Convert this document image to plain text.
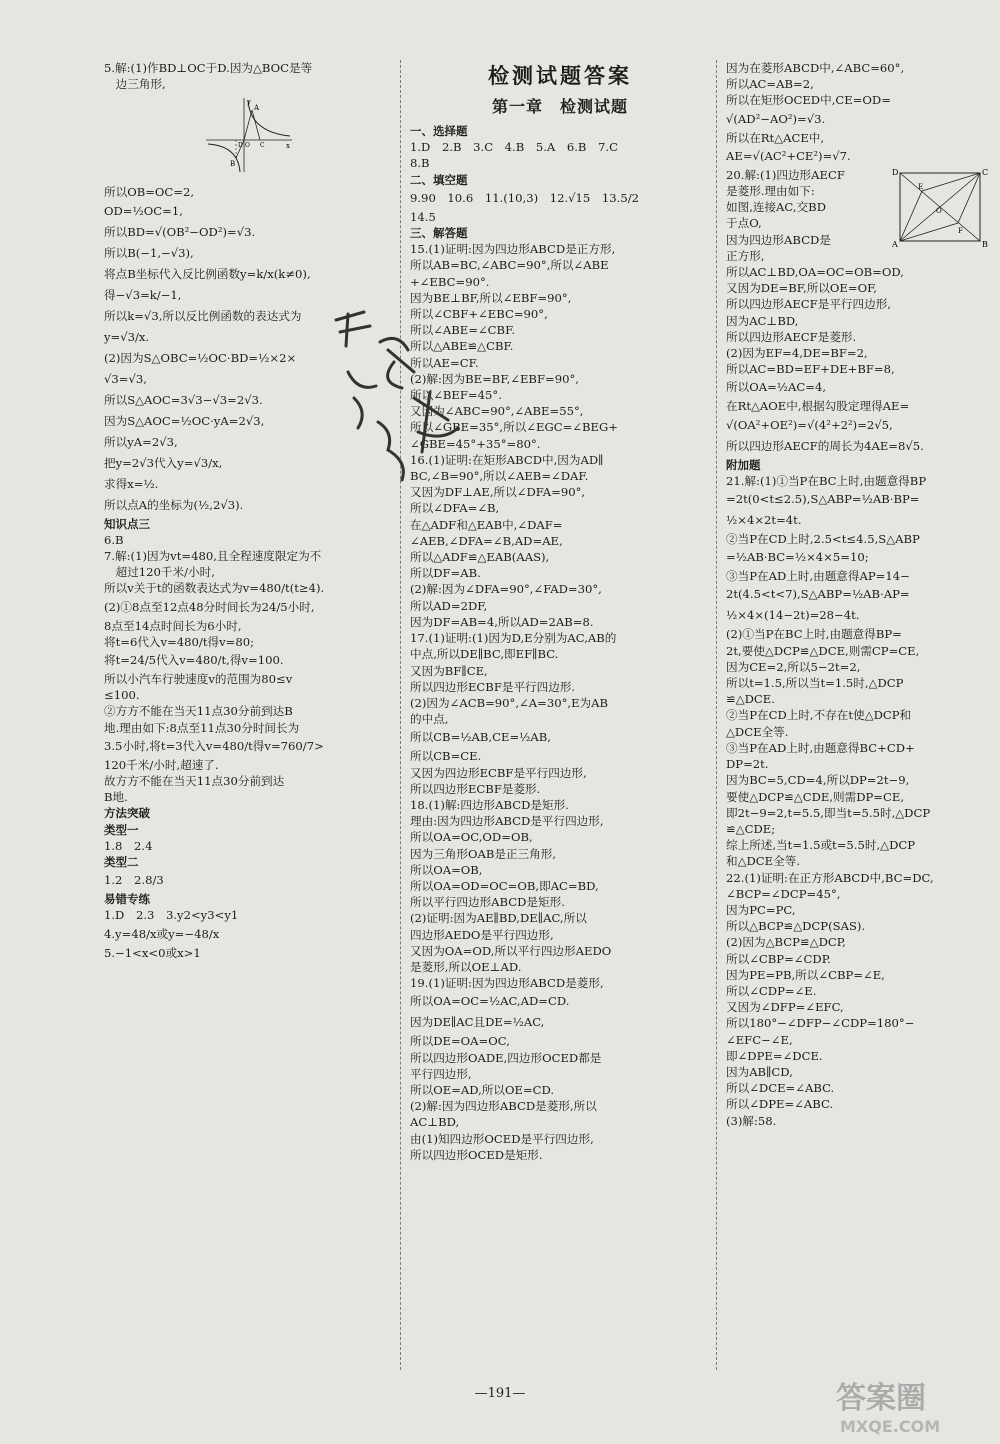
5.解:(1)作BD⊥OC于D.因为△BOC是等
　边三角形,
y
x
A
B
D O C
所以OB=OC=2,
OD=½OC=1,
所以BD=√(OB²−OD²)=√3.
所以B(−1,−√3),
将点B坐标代入反比例函数y=k/x(k≠0),
得−√3=k/−1,
所以k=√3,所以反比例函数的表达式为
y=√3/x.
(2)因为S△OBC=½OC·BD=½×2×
√3=√3,
所以S△AOC=3√3−√3=2√3.
因为S△AOC=½OC·yA=2√3,
所以yA=2√3,
把y=2√3代入y=√3/x,
求得x=½.
所以点A的坐标为(½,2√3).
知识点三
6.B
7.解:(1)因为vt=480,且全程速度限定为不
　超过120千米/小时,
所以v关于t的函数表达式为v=480/t(t≥4).
(2)①8点至12点48分时间长为24/5小时,
8点至14点时间长为6小时,
将t=6代入v=480/t得v=80;
将t=24/5代入v=480/t,得v=100.
所以小汽车行驶速度v的范围为80≤v
≤100.
②方方不能在当天11点30分前到达B
地.理由如下:8点至11点30分时间长为
3.5小时,将t=3代入v=480/t得v=760/7>
120千米/小时,超速了.
故方方不能在当天11点30分前到达
B地.
方法突破
类型一
1.8　2.4
类型二
1.2　2.8/3
易错专练
1.D　2.3　3.y2<y3<y1
4.y=48/x或y=−48/x
5.−1<x<0或x>1
检测试题答案
第一章　检测试题
一、选择题
1.D　2.B　3.C　4.B　5.A　6.B　7.C
8.B
二、填空题
9.90　10.6　11.(10,3)　12.√15　13.5/2
14.5
三、解答题
15.(1)证明:因为四边形ABCD是正方形,
所以AB=BC,∠ABC=90°,所以∠ABE
+∠EBC=90°.
因为BE⊥BF,所以∠EBF=90°,
所以∠CBF+∠EBC=90°,
所以∠ABE=∠CBF.
所以△ABE≌△CBF.
所以AE=CF.
(2)解:因为BE=BF,∠EBF=90°,
所以∠BEF=45°.
又因为∠ABC=90°,∠ABE=55°,
所以∠GBE=35°,所以∠EGC=∠BEG+
∠GBE=45°+35°=80°.
16.(1)证明:在矩形ABCD中,因为AD∥
BC,∠B=90°,所以∠AEB=∠DAF.
又因为DF⊥AE,所以∠DFA=90°,
所以∠DFA=∠B,
在△ADF和△EAB中,∠DAF=
∠AEB,∠DFA=∠B,AD=AE,
所以△ADF≌△EAB(AAS),
所以DF=AB.
(2)解:因为∠DFA=90°,∠FAD=30°,
所以AD=2DF,
因为DF=AB=4,所以AD=2AB=8.
17.(1)证明:(1)因为D,E分别为AC,AB的
中点,所以DE∥BC,即EF∥BC.
又因为BF∥CE,
所以四边形ECBF是平行四边形.
(2)因为∠ACB=90°,∠A=30°,E为AB
的中点,
所以CB=½AB,CE=½AB,
所以CB=CE.
又因为四边形ECBF是平行四边形,
所以四边形ECBF是菱形.
18.(1)解:四边形ABCD是矩形.
理由:因为四边形ABCD是平行四边形,
所以OA=OC,OD=OB,
因为三角形OAB是正三角形,
所以OA=OB,
所以OA=OD=OC=OB,即AC=BD,
所以平行四边形ABCD是矩形.
(2)证明:因为AE∥BD,DE∥AC,所以
四边形AEDO是平行四边形,
又因为OA=OD,所以平行四边形AEDO
是菱形,所以OE⊥AD.
19.(1)证明:因为四边形ABCD是菱形,
所以OA=OC=½AC,AD=CD.
因为DE∥AC且DE=½AC,
所以DE=OA=OC,
所以四边形OADE,四边形OCED都是
平行四边形,
所以OE=AD,所以OE=CD.
(2)解:因为四边形ABCD是菱形,所以
AC⊥BD,
由(1)知四边形OCED是平行四边形,
所以四边形OCED是矩形.
因为在菱形ABCD中,∠ABC=60°,
所以AC=AB=2,
所以在矩形OCED中,CE=OD=
√(AD²−AO²)=√3.
所以在Rt△ACE中,
AE=√(AC²+CE²)=√7.
D	C
A	B
E
F
O
20.解:(1)四边形AECF
是菱形.理由如下:
如图,连接AC,交BD
于点O,
因为四边形ABCD是
正方形,
所以AC⊥BD,OA=OC=OB=OD,
又因为DE=BF,所以OE=OF,
所以四边形AECF是平行四边形,
因为AC⊥BD,
所以四边形AECF是菱形.
(2)因为EF=4,DE=BF=2,
所以AC=BD=EF+DE+BF=8,
所以OA=½AC=4,
在Rt△AOE中,根据勾股定理得AE=
√(OA²+OE²)=√(4²+2²)=2√5,
所以四边形AECF的周长为4AE=8√5.
附加题
21.解:(1)①当P在BC上时,由题意得BP
=2t(0<t≤2.5),S△ABP=½AB·BP=
½×4×2t=4t.
②当P在CD上时,2.5<t≤4.5,S△ABP
=½AB·BC=½×4×5=10;
③当P在AD上时,由题意得AP=14−
2t(4.5<t<7),S△ABP=½AB·AP=
½×4×(14−2t)=28−4t.
(2)①当P在BC上时,由题意得BP=
2t,要使△DCP≌△DCE,则需CP=CE,
因为CE=2,所以5−2t=2,
所以t=1.5,所以当t=1.5时,△DCP
≌△DCE.
②当P在CD上时,不存在t使△DCP和
△DCE全等.
③当P在AD上时,由题意得BC+CD+
DP=2t.
因为BC=5,CD=4,所以DP=2t−9,
要使△DCP≌△CDE,则需DP=CE,
即2t−9=2,t=5.5,即当t=5.5时,△DCP
≌△CDE;
综上所述,当t=1.5或t=5.5时,△DCP
和△DCE全等.
22.(1)证明:在正方形ABCD中,BC=DC,
∠BCP=∠DCP=45°,
因为PC=PC,
所以△BCP≌△DCP(SAS).
(2)因为△BCP≌△DCP,
所以∠CBP=∠CDP.
因为PE=PB,所以∠CBP=∠E,
所以∠CDP=∠E.
又因为∠DFP=∠EFC,
所以180°−∠DFP−∠CDP=180°−
∠EFC−∠E,
即∠DPE=∠DCE.
因为AB∥CD,
所以∠DCE=∠ABC.
所以∠DPE=∠ABC.
(3)解:58.
—191—	答案圈
MXQE.COM
